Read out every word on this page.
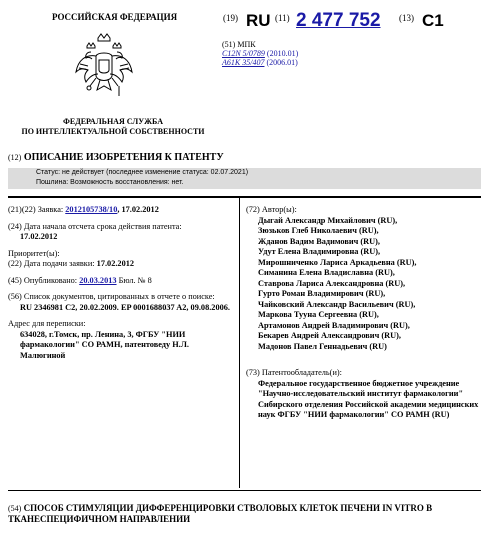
РОССИЙСКАЯ ФЕДЕРАЦИЯ
ФЕДЕРАЛЬНАЯ СЛУЖБА
ПО ИНТЕЛЛЕКТУАЛЬНОЙ СОБСТВЕННОСТИ
(19) RU (11) 2 477 752 (13) C1
(51) МПК
C12N 5/0789 (2010.01)
A61K 35/407 (2006.01)
(12) ОПИСАНИЕ ИЗОБРЕТЕНИЯ К ПАТЕНТУ
Статус: не действует (последнее изменение статуса: 02.07.2021)
Пошлина: Возможность восстановления: нет.
(21)(22) Заявка: 2012105738/10, 17.02.2012
(24) Дата начала отсчета срока действия патента:
17.02.2012
Приоритет(ы):
(22) Дата подачи заявки: 17.02.2012
(45) Опубликовано: 20.03.2013 Бюл. № 8
(56) Список документов, цитированных в отчете о поиске:
RU 2346981 C2, 20.02.2009. EP 0001688037 A2, 09.08.2006.
Адрес для переписки:
634028, г.Томск, пр. Ленина, 3, ФГБУ "НИИ фармакологии" СО РАМН, патентоведу Н.Л. Малюгиной
(72) Автор(ы):
Дыгай Александр Михайлович (RU),
Зюзьков Глеб Николаевич (RU),
Жданов Вадим Вадимович (RU),
Удут Елена Владимировна (RU),
Мирошниченко Лариса Аркадьевна (RU),
Симанина Елена Владиславна (RU),
Ставрова Лариса Александровна (RU),
Гурто Роман Владимирович (RU),
Чайковский Александр Васильевич (RU),
Маркова Тууна Сергеевна (RU),
Артамонов Андрей Владимирович (RU),
Бекарев Андрей Александрович (RU),
Мадонов Павел Геннадьевич (RU)
(73) Патентообладатель(и):
Федеральное государственное бюджетное учреждение "Научно-исследовательский институт фармакологии" Сибирского отделения Российской академии медицинских наук ФГБУ "НИИ фармакологии" СО РАМН (RU)
(54) СПОСОБ СТИМУЛЯЦИИ ДИФФЕРЕНЦИРОВКИ СТВОЛОВЫХ КЛЕТОК ПЕЧЕНИ IN VITRO В ТКАНЕСПЕЦИФИЧНОМ НАПРАВЛЕНИИ
